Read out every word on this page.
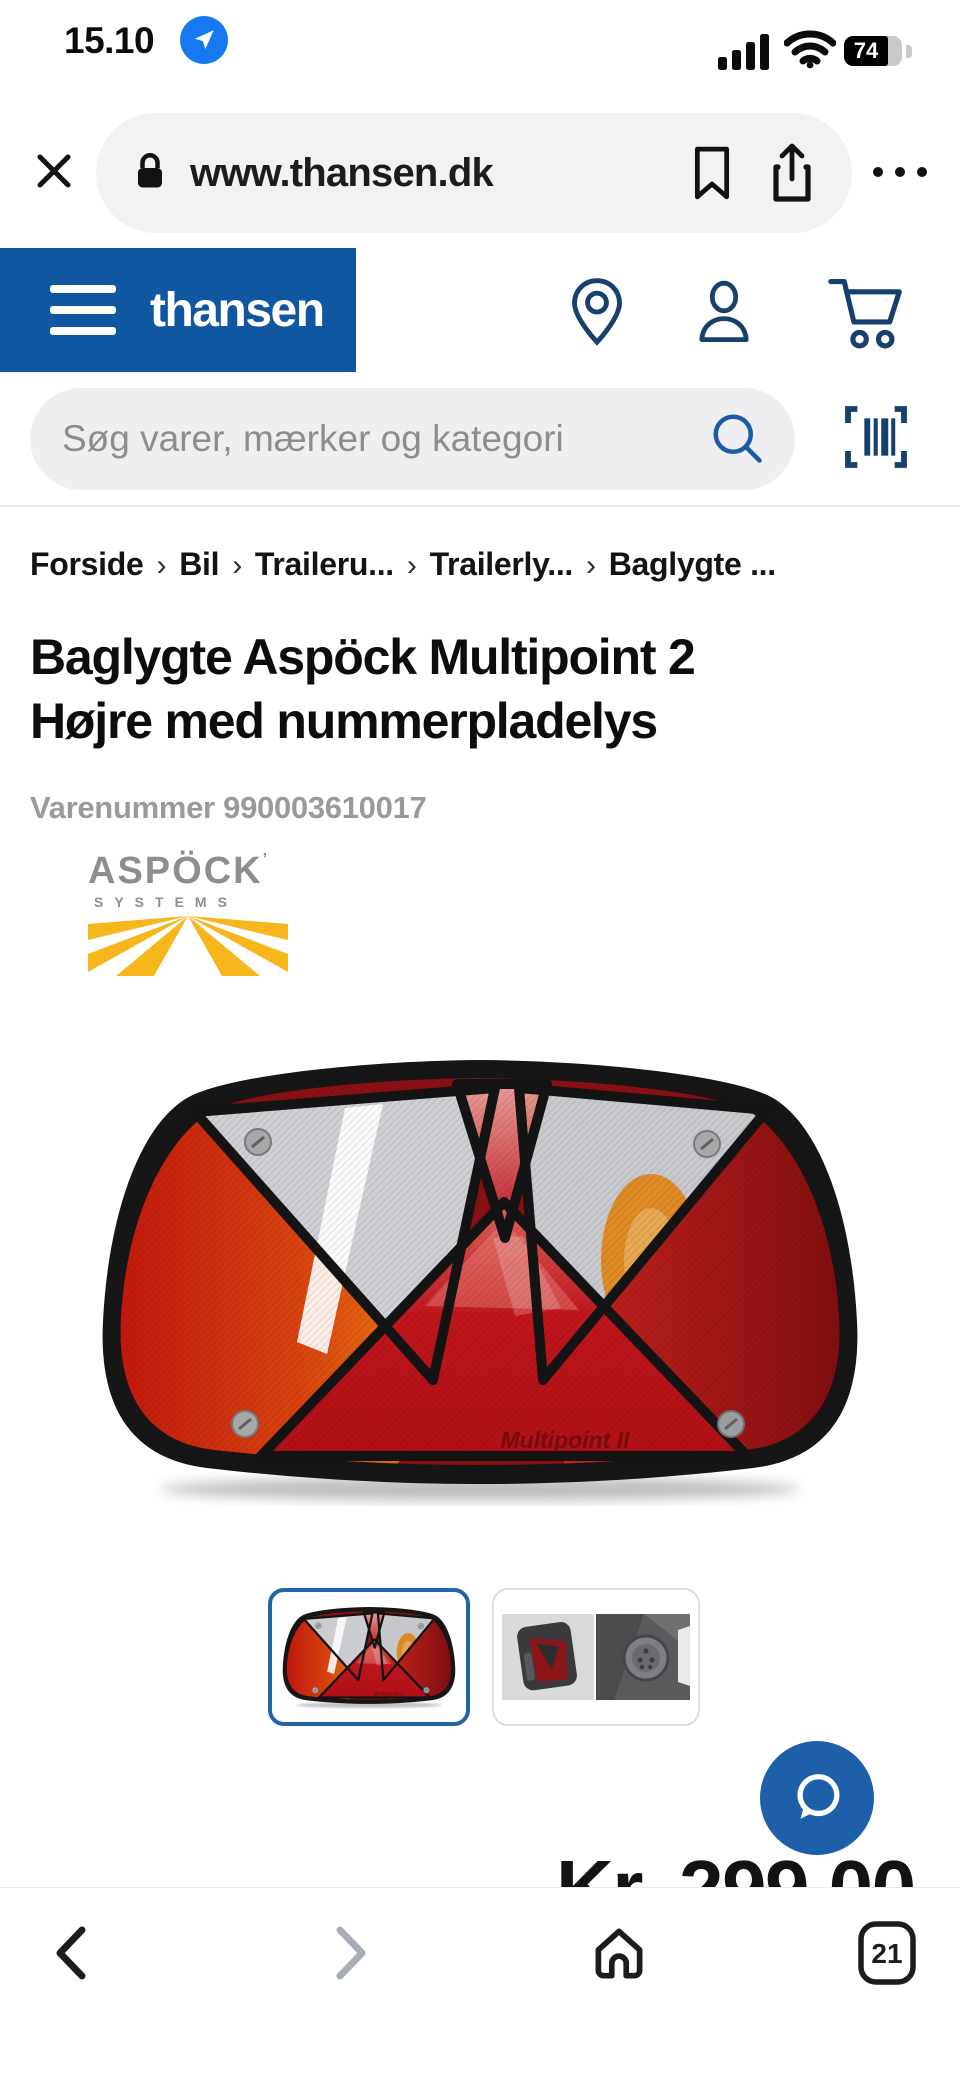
15.10	74
www.thansen.dk
thansen
Søg varer, mærker og kategori
Forside › Bil › Traileru... › Trailerly... › Baglygte ...
Baglygte Aspöck Multipoint 2
Højre med nummerpladelys
Varenummer 990003610017
ASPÖCK’
SYSTEMS
21
